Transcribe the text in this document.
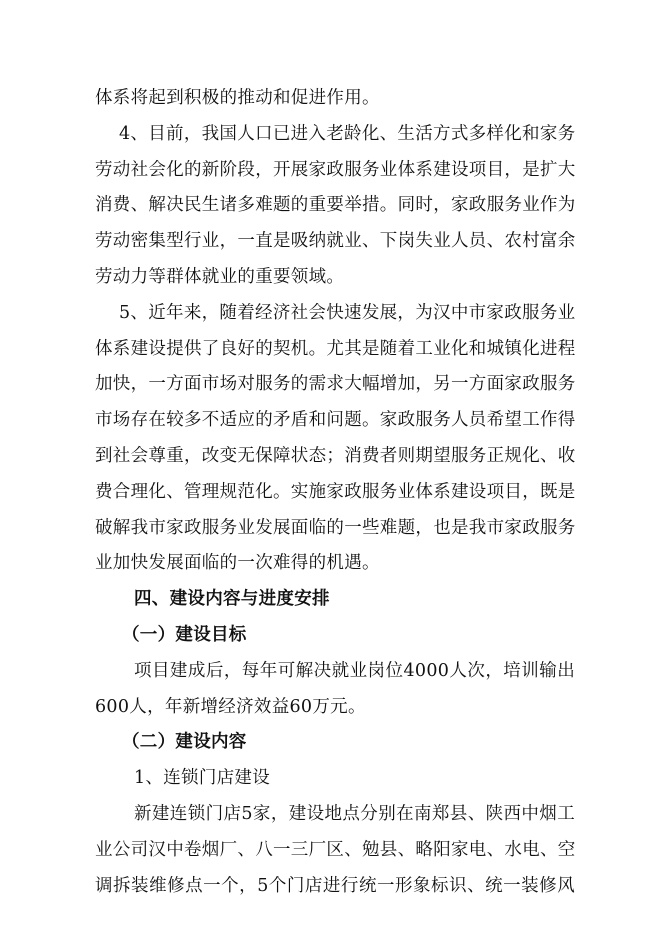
体系将起到积极的推动和促进作用。
4、目前，我国人口已进入老龄化、生活方式多样化和家务
劳动社会化的新阶段，开展家政服务业体系建设项目，是扩大
消费、解决民生诸多难题的重要举措。同时，家政服务业作为
劳动密集型行业，一直是吸纳就业、下岗失业人员、农村富余
劳动力等群体就业的重要领域。
5、近年来，随着经济社会快速发展，为汉中市家政服务业
体系建设提供了良好的契机。尤其是随着工业化和城镇化进程
加快，一方面市场对服务的需求大幅增加，另一方面家政服务
市场存在较多不适应的矛盾和问题。家政服务人员希望工作得
到社会尊重，改变无保障状态；消费者则期望服务正规化、收
费合理化、管理规范化。实施家政服务业体系建设项目，既是
破解我市家政服务业发展面临的一些难题，也是我市家政服务
业加快发展面临的一次难得的机遇。
四、建设内容与进度安排
（一）建设目标
项目建成后，每年可解决就业岗位4000人次，培训输出
600人，年新增经济效益60万元。
（二）建设内容
1、连锁门店建设
新建连锁门店5家，建设地点分别在南郑县、陕西中烟工
业公司汉中卷烟厂、八一三厂区、勉县、略阳家电、水电、空
调拆装维修点一个，5个门店进行统一形象标识、统一装修风
